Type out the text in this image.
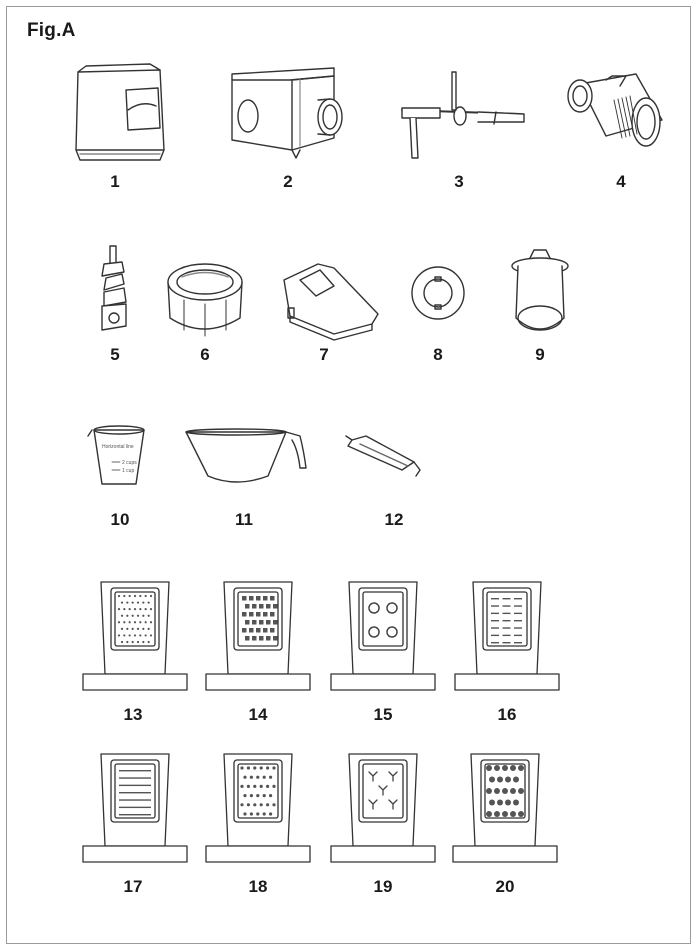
Fig.A
Horizontal line
2 cups
1 cup
1	2	3	4
5	6	7	8	9
10	11	12
13	14	15	16
17	18	19	20
